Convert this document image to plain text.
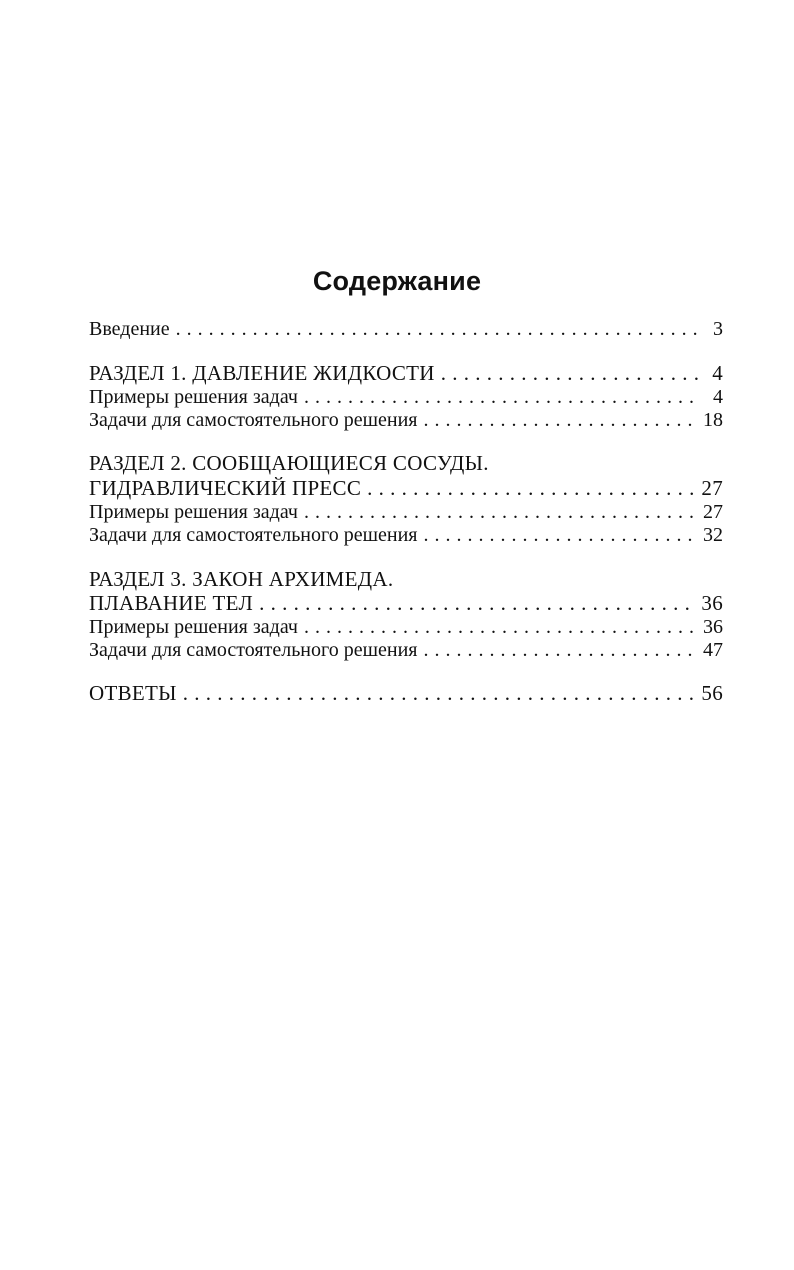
Содержание
Введение . . .	3
РАЗДЕЛ 1. ДАВЛЕНИЕ ЖИДКОСТИ . . .	4
Примеры решения задач . . .	4
Задачи для самостоятельного решения . . .	18
РАЗДЕЛ 2. СООБЩАЮЩИЕСЯ СОСУДЫ.
ГИДРАВЛИЧЕСКИЙ ПРЕСС . . .	27
Примеры решения задач . . .	27
Задачи для самостоятельного решения . . .	32
РАЗДЕЛ 3. ЗАКОН АРХИМЕДА.
ПЛАВАНИЕ ТЕЛ . . .	36
Примеры решения задач . . .	36
Задачи для самостоятельного решения . . .	47
ОТВЕТЫ . . .	56
